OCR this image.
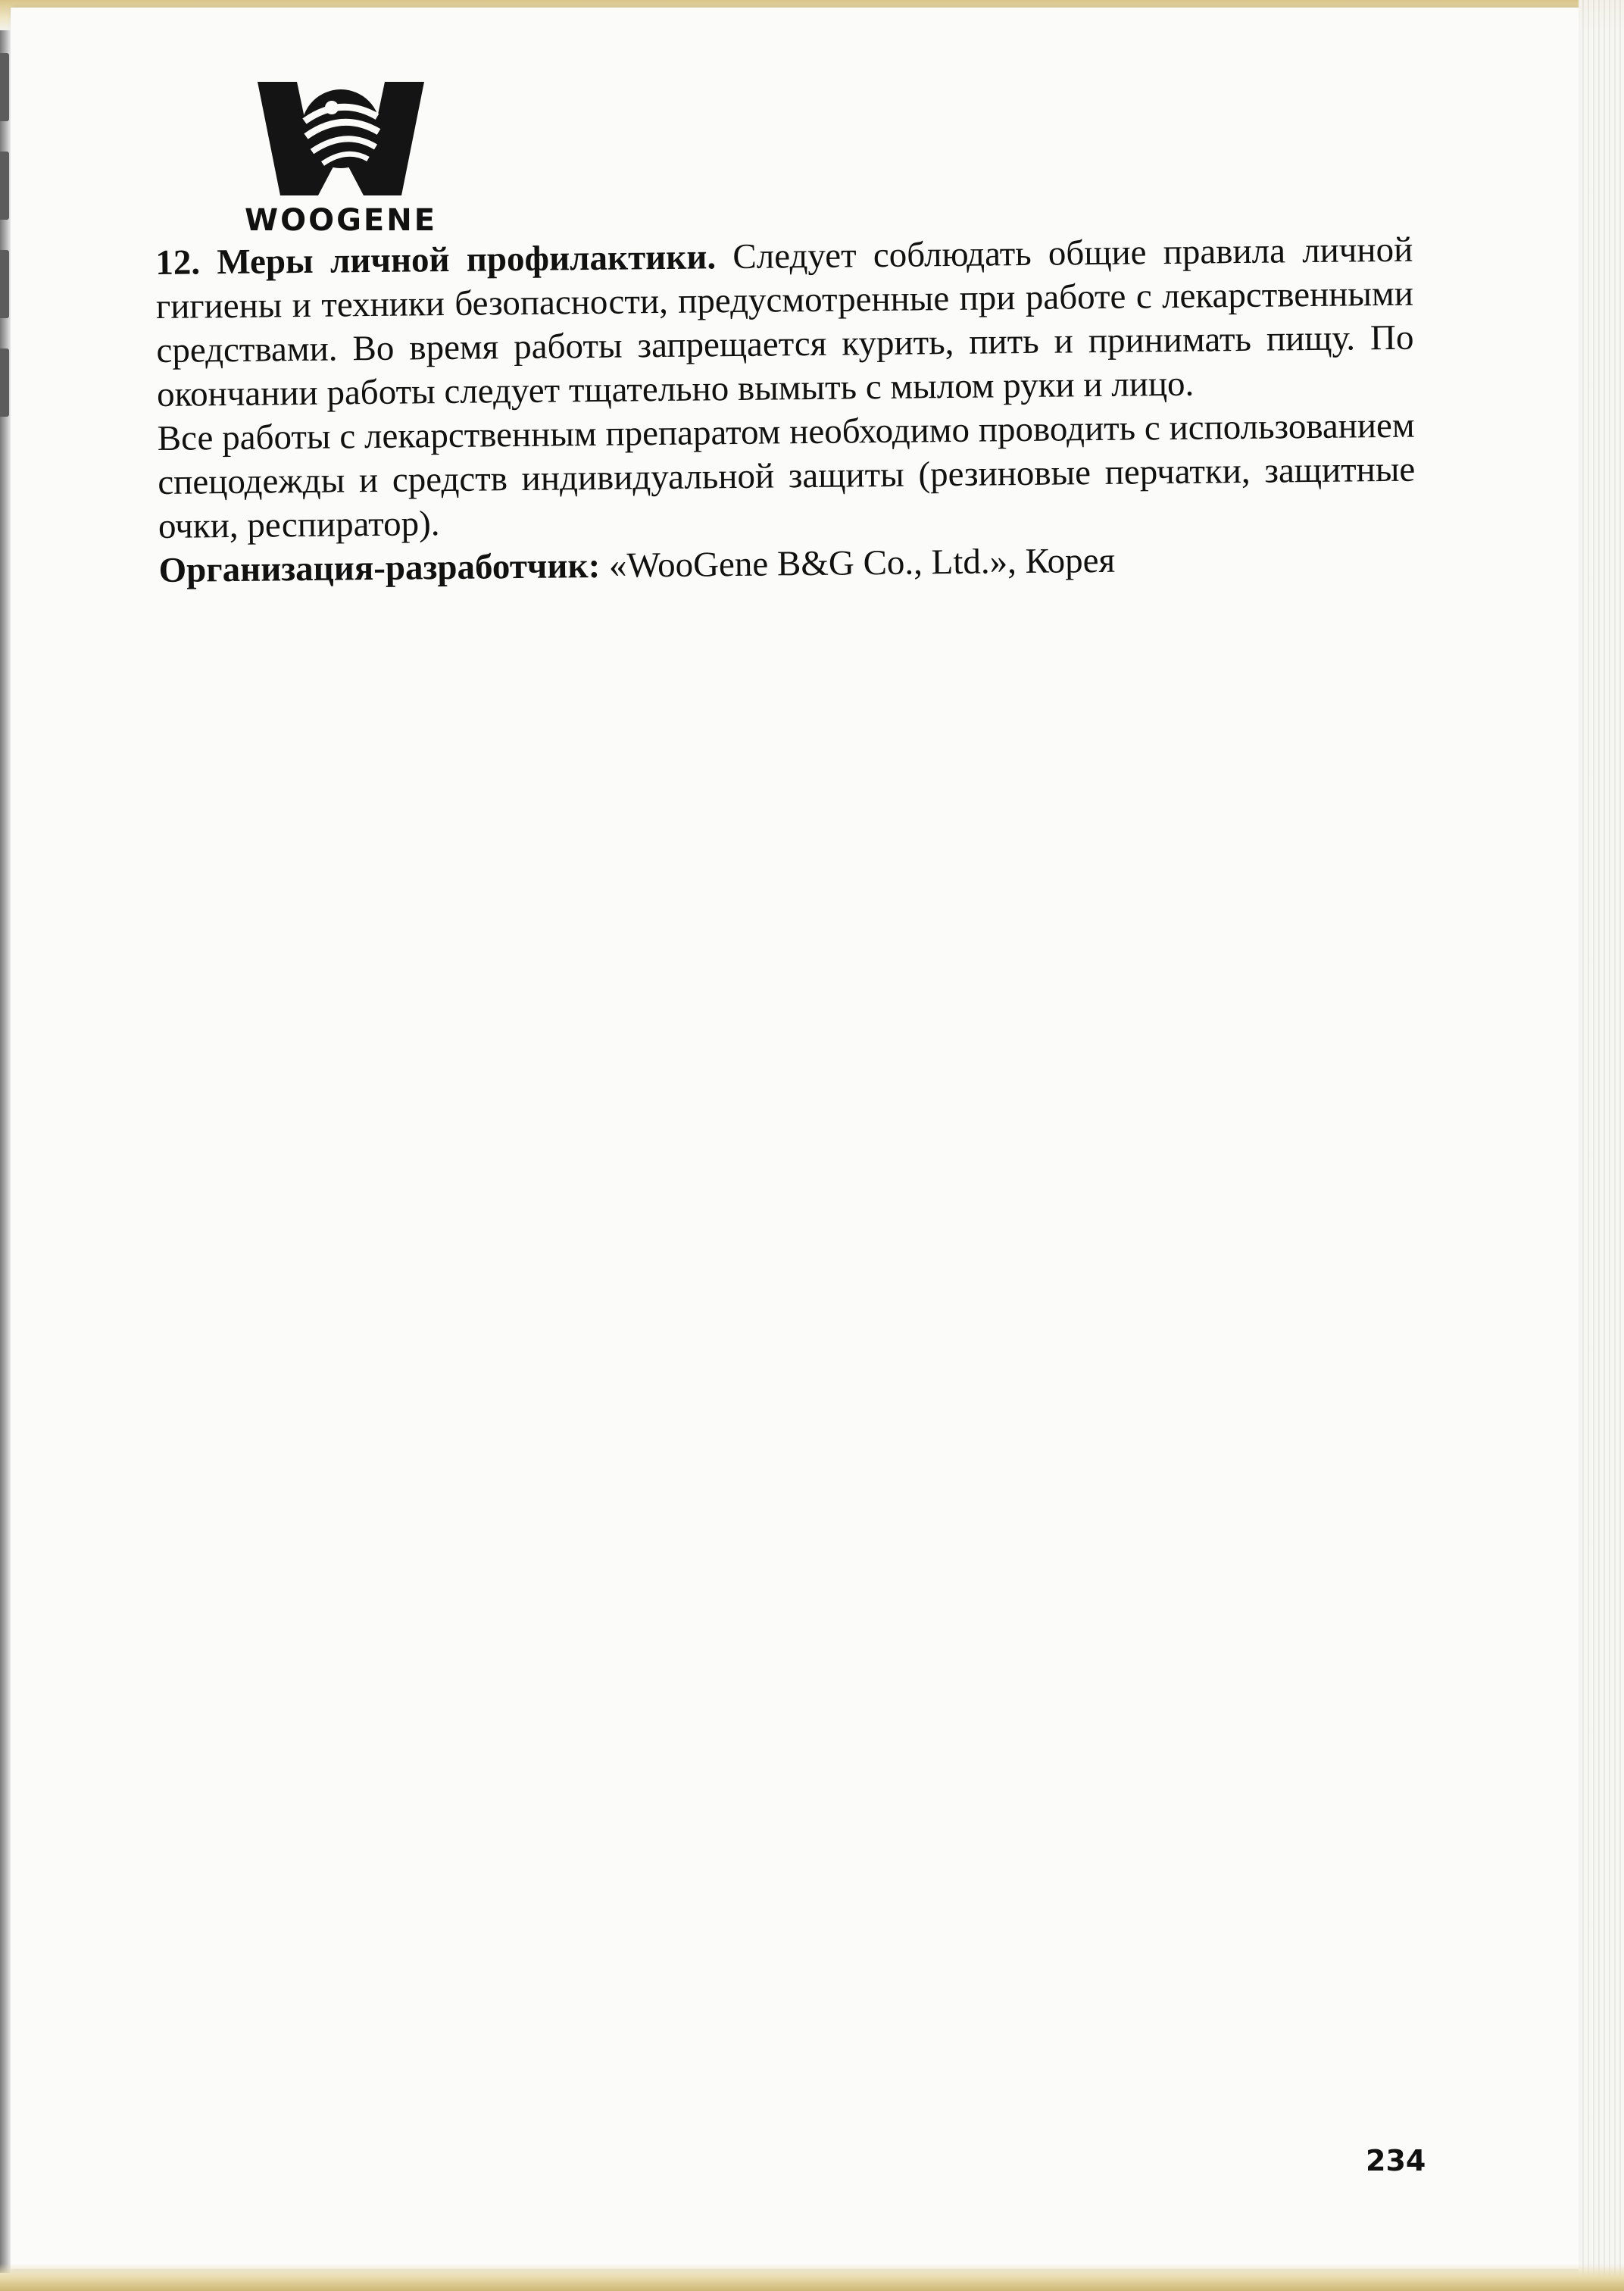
WOOGENE

12. Меры личной профилактики. Следует соблюдать общие правила личной гигиены и техники безопасности, предусмотренные при работе с лекарственными средствами. Во время работы запрещается курить, пить и принимать пищу. По окончании работы следует тщательно вымыть с мылом руки и лицо.

Все работы с лекарственным препаратом необходимо проводить с использованием спецодежды и средств индивидуальной защиты (резиновые перчатки, защитные очки, респиратор).

Организация-разработчик: «WooGene B&G Co., Ltd.», Корея

234
